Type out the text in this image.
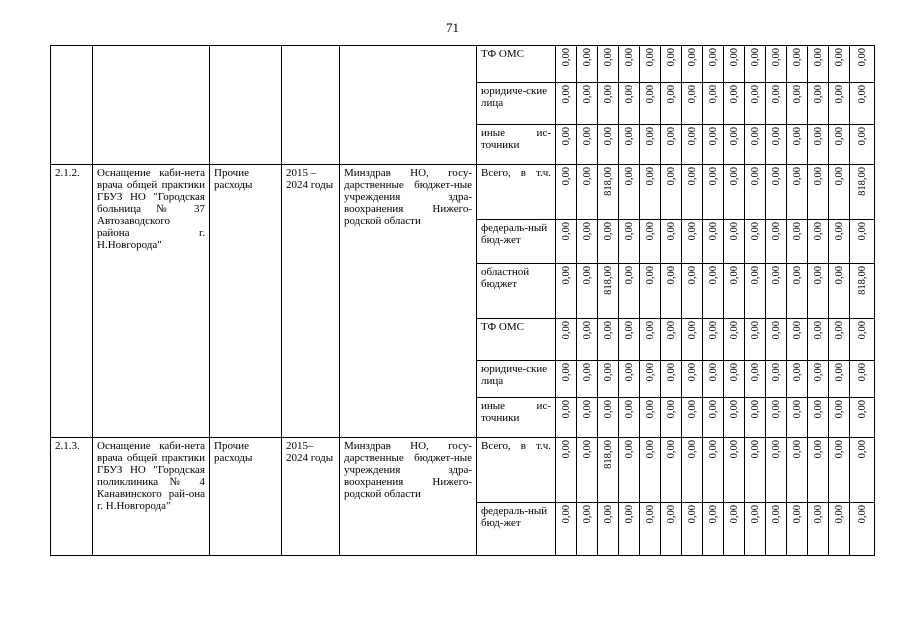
71
					ТФ ОМС	0,00	0,00	0,00	0,00	0,00	0,00	0,00	0,00	0,00	0,00	0,00	0,00	0,00	0,00	0,00
					юридиче-ские лица	0,00	0,00	0,00	0,00	0,00	0,00	0,00	0,00	0,00	0,00	0,00	0,00	0,00	0,00	0,00
					иные ис-точники	0,00	0,00	0,00	0,00	0,00	0,00	0,00	0,00	0,00	0,00	0,00	0,00	0,00	0,00	0,00
2.1.2.	Оснащение каби-нета врача общей практики ГБУЗ НО "Городская больница № 37 Автозаводского района г. Н.Новгорода"	Прочие расходы	2015 – 2024 годы	Минздрав НО, госу-дарственные бюджет-ные учреждения здра-воохранения Нижего-родской области	Всего, в т.ч.	0,00	0,00	818,00	0,00	0,00	0,00	0,00	0,00	0,00	0,00	0,00	0,00	0,00	0,00	818,00
					федераль-ный бюд-жет	0,00	0,00	0,00	0,00	0,00	0,00	0,00	0,00	0,00	0,00	0,00	0,00	0,00	0,00	0,00
					областной бюджет	0,00	0,00	818,00	0,00	0,00	0,00	0,00	0,00	0,00	0,00	0,00	0,00	0,00	0,00	818,00
					ТФ ОМС	0,00	0,00	0,00	0,00	0,00	0,00	0,00	0,00	0,00	0,00	0,00	0,00	0,00	0,00	0,00
					юридиче-ские лица	0,00	0,00	0,00	0,00	0,00	0,00	0,00	0,00	0,00	0,00	0,00	0,00	0,00	0,00	0,00
					иные ис-точники	0,00	0,00	0,00	0,00	0,00	0,00	0,00	0,00	0,00	0,00	0,00	0,00	0,00	0,00	0,00
2.1.3.	Оснащение каби-нета врача общей практики ГБУЗ НО "Городская поликлиника № 4 Канавинского рай-она г. Н.Новгорода"	Прочие расходы	2015– 2024 годы	Минздрав НО, госу-дарственные бюджет-ные учреждения здра-воохранения Нижего-родской области	Всего, в т.ч.	0,00	0,00	818,00	0,00	0,00	0,00	0,00	0,00	0,00	0,00	0,00	0,00	0,00	0,00	0,00
					федераль-ный бюд-жет	0,00	0,00	0,00	0,00	0,00	0,00	0,00	0,00	0,00	0,00	0,00	0,00	0,00	0,00	0,00
